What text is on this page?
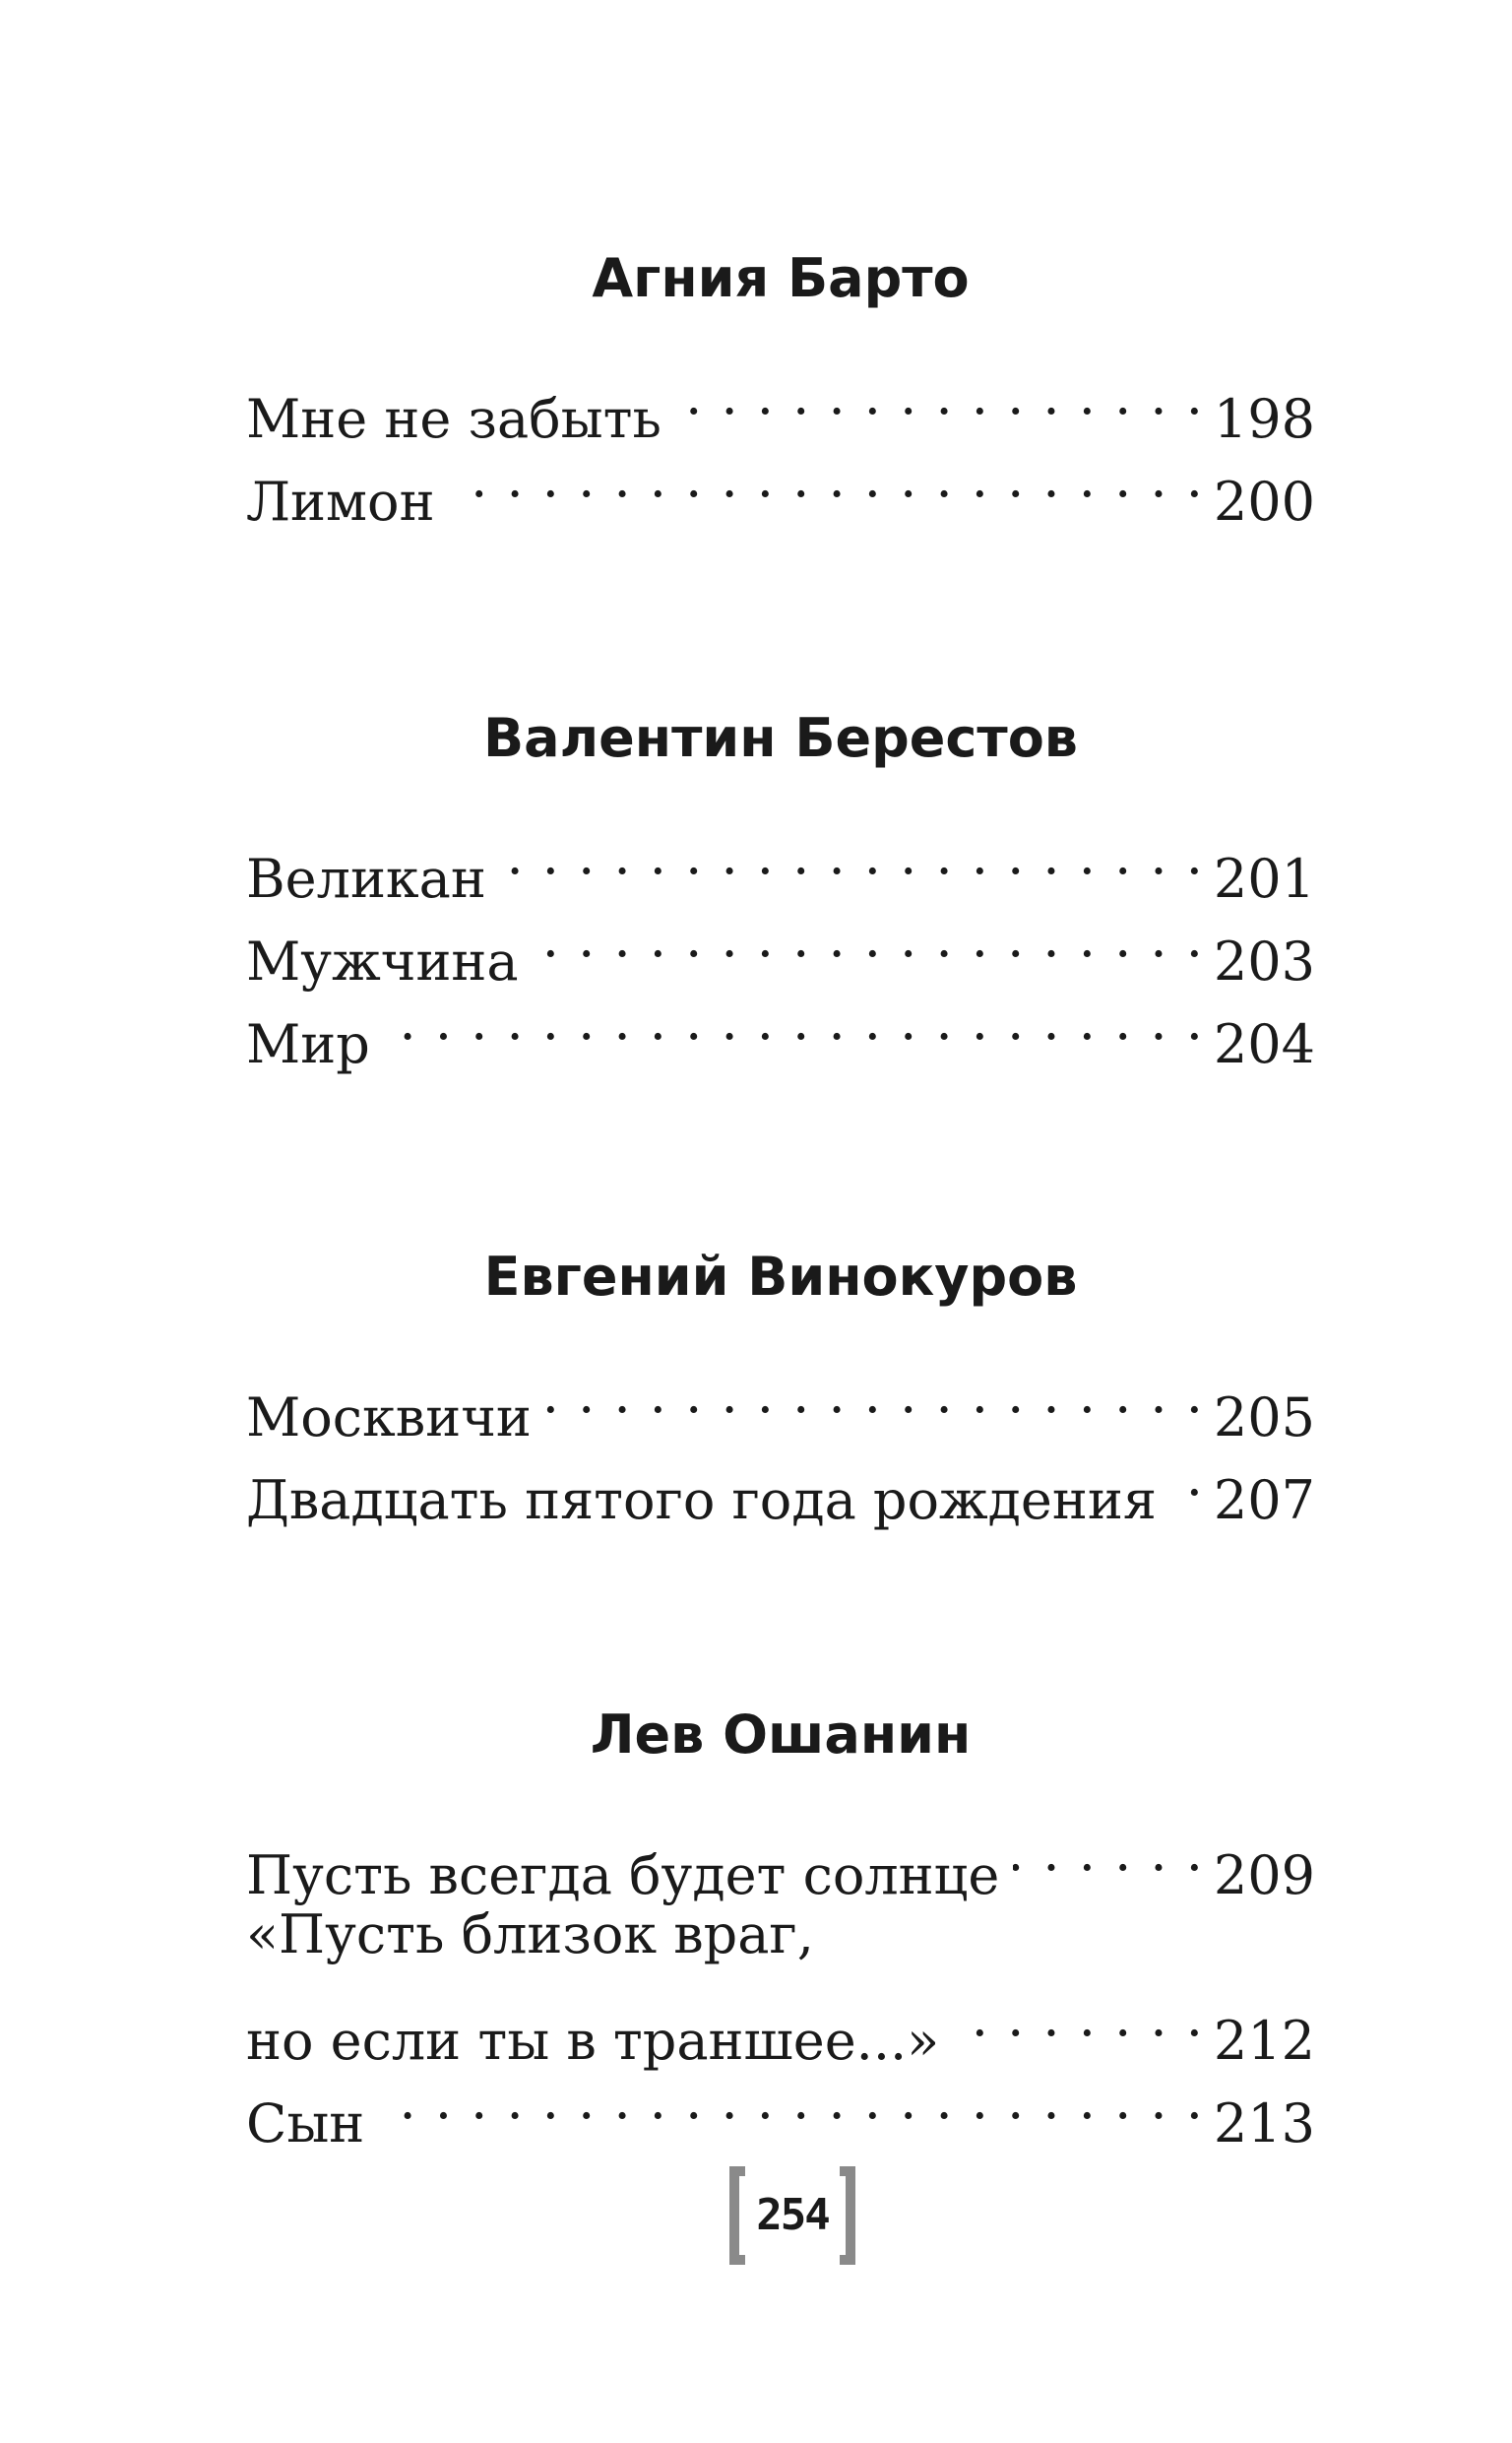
Агния Барто
Мне не забыть . . .	198
Лимон . . .	200
Валентин Берестов
Великан . . .	201
Мужчина . . .	203
Мир . . .	204
Евгений Винокуров
Москвичи . . .	205
Двадцать пятого года рождения . . . 207
Лев Ошанин
Пусть всегда будет солнце . . .	209
«Пусть близок враг,
но если ты в траншее...» . . .	212
Сын . . .	213
254
